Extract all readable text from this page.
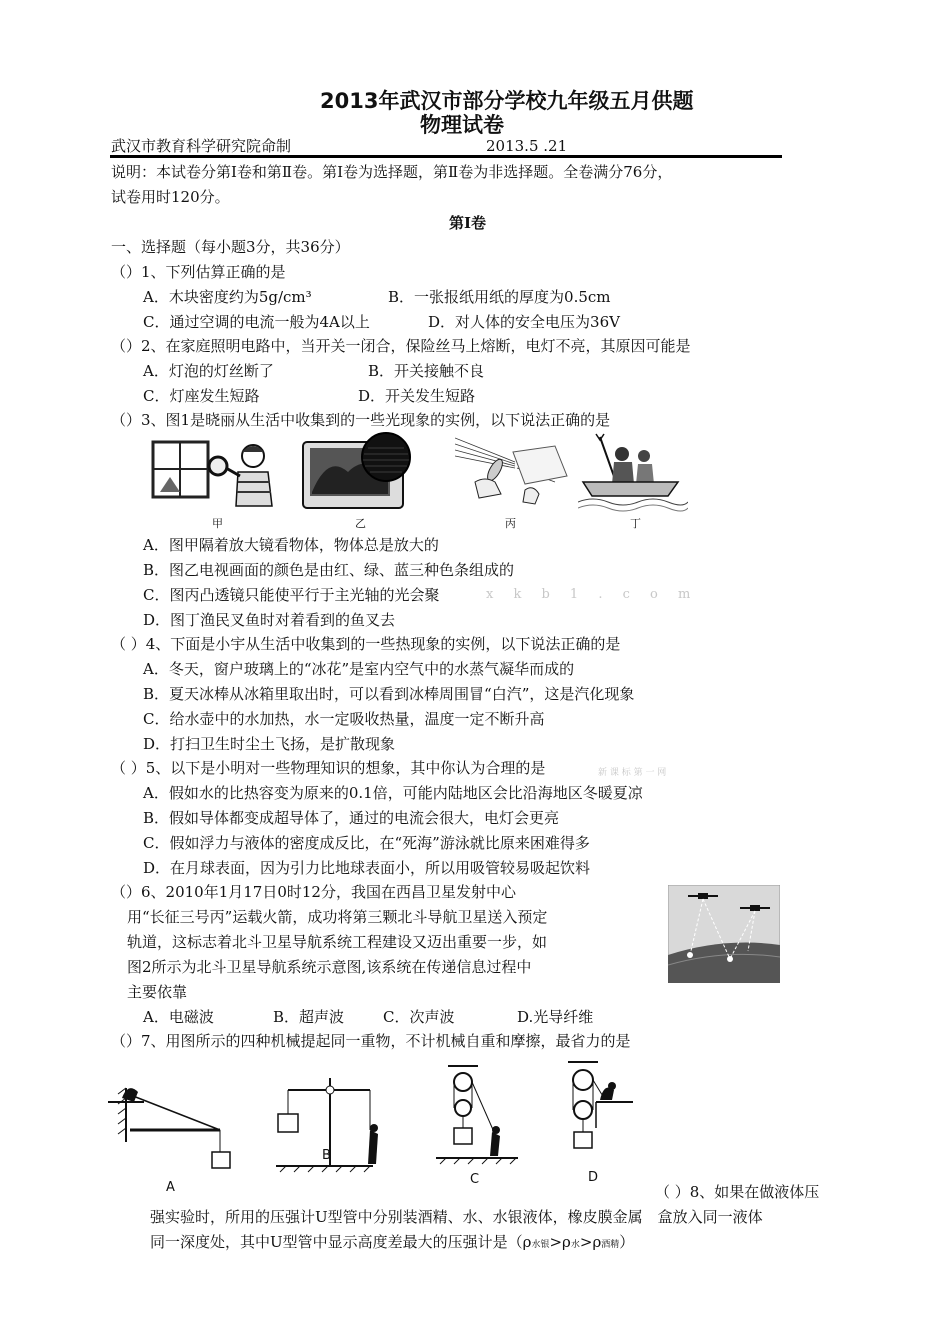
2013年武汉市部分学校九年级五月供题
物理试卷
武汉市教育科学研究院命制	2013.5 .21
说明：本试卷分第Ⅰ卷和第Ⅱ卷。第Ⅰ卷为选择题，第Ⅱ卷为非选择题。全卷满分76分，
试卷用时120分。
第Ⅰ卷
一、选择题（每小题3分，共36分）
（）1、下列估算正确的是
A．木块密度约为5g/cm³	B．一张报纸用纸的厚度为0.5cm
C．通过空调的电流一般为4A以上	D．对人体的安全电压为36V
（）2、在家庭照明电路中，当开关一闭合，保险丝马上熔断，电灯不亮，其原因可能是
A．灯泡的灯丝断了	B．开关接触不良
C．灯座发生短路	D．开关发生短路
（）3、图1是晓丽从生活中收集到的一些光现象的实例，以下说法正确的是
甲	乙	丙	丁
A．图甲隔着放大镜看物体，物体总是放大的
B．图乙电视画面的颜色是由红、绿、蓝三种色条组成的
C．图丙凸透镜只能使平行于主光轴的光会聚	x k b 1 . c o m
D．图丁渔民叉鱼时对着看到的鱼叉去
（ ）4、下面是小宇从生活中收集到的一些热现象的实例，以下说法正确的是
A．冬天，窗户玻璃上的“冰花”是室内空气中的水蒸气凝华而成的
B．夏天冰棒从冰箱里取出时，可以看到冰棒周围冒“白汽”，这是汽化现象
C．给水壶中的水加热，水一定吸收热量，温度一定不断升高
D．打扫卫生时尘土飞扬，是扩散现象
（ ）5、以下是小明对一些物理知识的想象，其中你认为合理的是	新 课 标 第 一 网
A．假如水的比热容变为原来的0.1倍，可能内陆地区会比沿海地区冬暖夏凉
B．假如导体都变成超导体了，通过的电流会很大，电灯会更亮
C．假如浮力与液体的密度成反比，在“死海”游泳就比原来困难得多
D．在月球表面，因为引力比地球表面小，所以用吸管较易吸起饮料
（）6、2010年1月17日0时12分，我国在西昌卫星发射中心
用“长征三号丙”运载火箭，成功将第三颗北斗导航卫星送入预定
轨道，这标志着北斗卫星导航系统工程建设又迈出重要一步，如
图2所示为北斗卫星导航系统示意图,该系统在传递信息过程中
主要依靠
A．电磁波	B．超声波	C．次声波	D.光导纤维
（）7、用图所示的四种机械提起同一重物，不计机械自重和摩擦，最省力的是
A
B
C	D
（ ）8、如果在做液体压
强实验时，所用的压强计U型管中分别装酒精、水、水银液体，橡皮膜金属　盒放入同一液体
同一深度处，其中U型管中显示高度差最大的压强计是（ρ水银>ρ水>ρ酒精）
